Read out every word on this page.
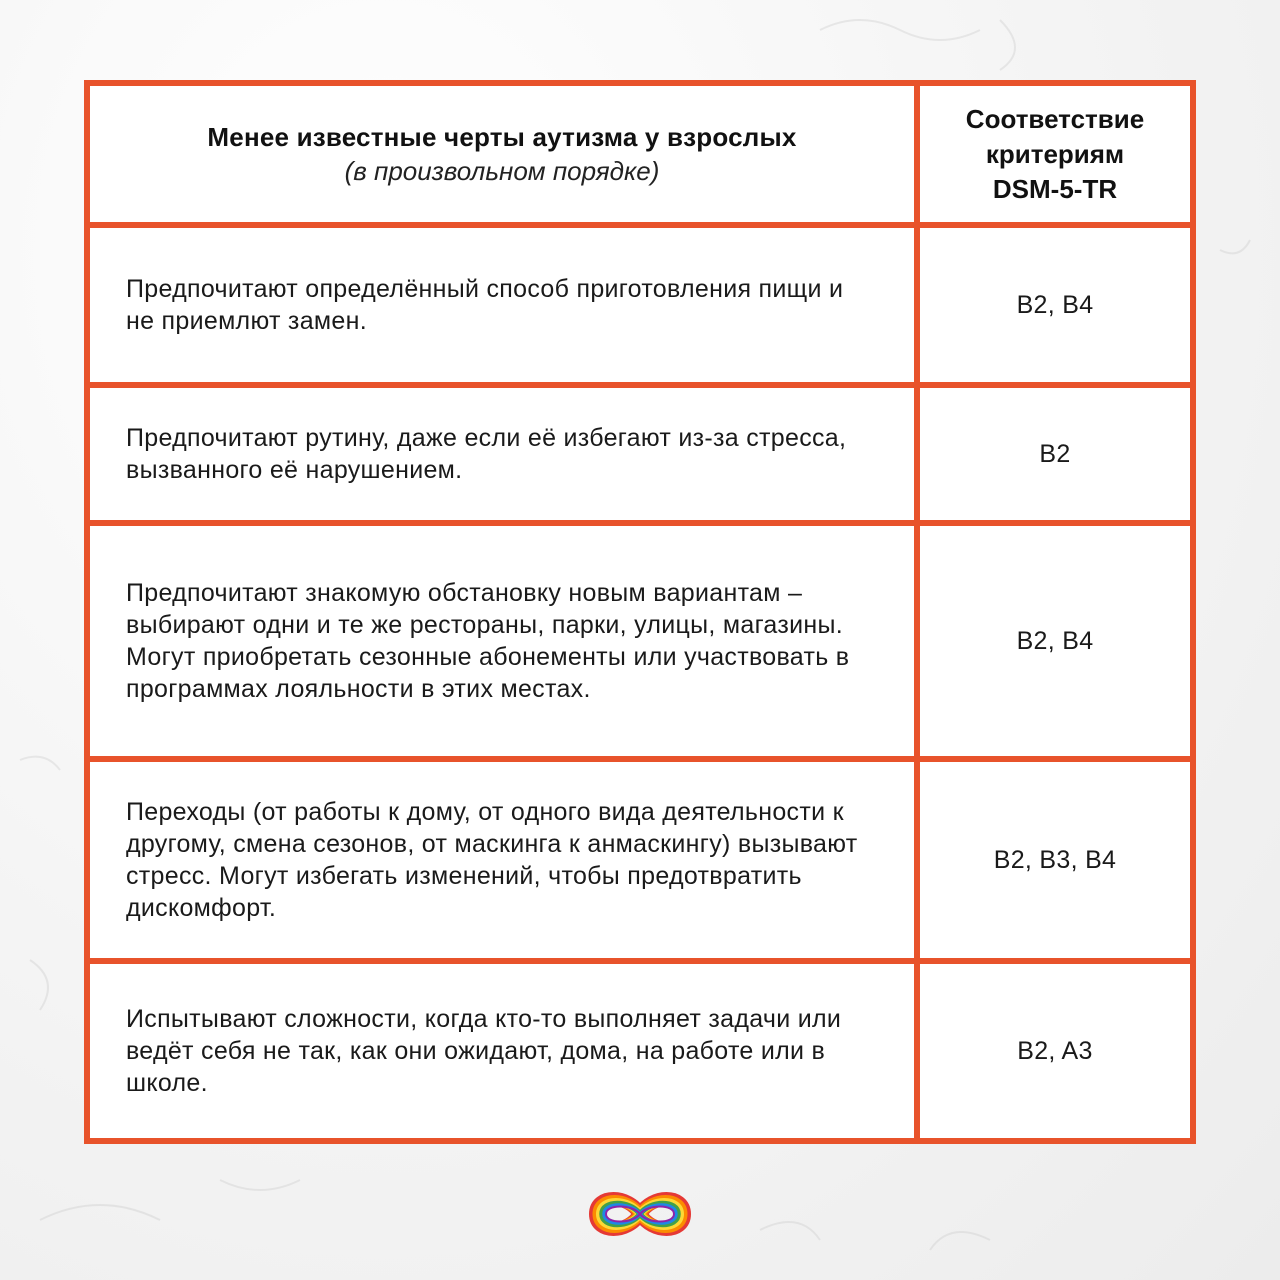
Менее известные черты аутизма у взрослых
(в произвольном порядке)
Соответствие
критериям
DSM-5-TR
Предпочитают определённый способ приготовления пищи и не приемлют замен.
B2, B4
Предпочитают рутину, даже если её избегают из-за стресса, вызванного её нарушением.
B2
Предпочитают знакомую обстановку новым вариантам – выбирают одни и те же рестораны, парки, улицы, магазины. Могут приобретать сезонные абонементы или участвовать в программах лояльности в этих местах.
B2, B4
Переходы (от работы к дому, от одного вида деятельности к другому, смена сезонов, от маскинга к анмаскингу) вызывают стресс. Могут избегать изменений, чтобы предотвратить дискомфорт.
B2, B3, B4
Испытывают сложности, когда кто-то выполняет задачи или ведёт себя не так, как они ожидают, дома, на работе или в школе.
B2, A3
